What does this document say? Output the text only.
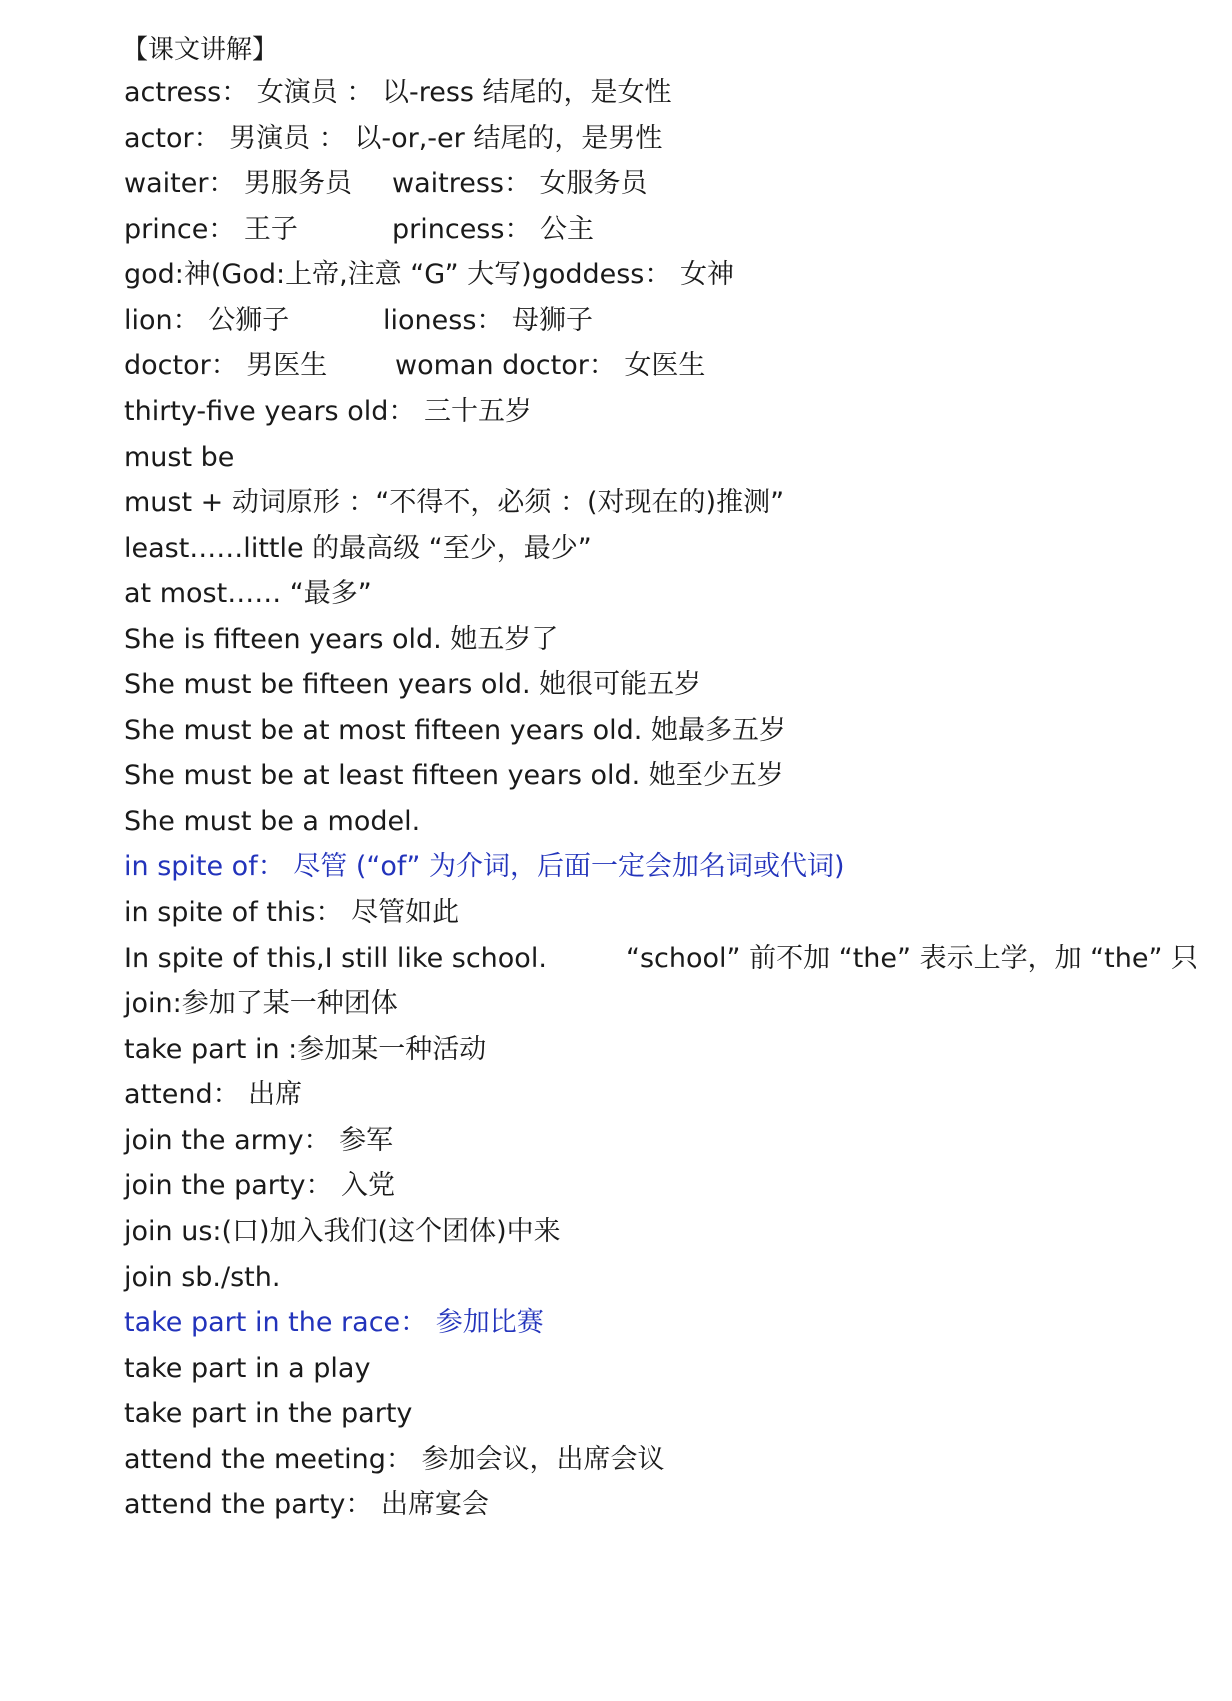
【课文讲解】
actress： 女演员 ： 以-ress 结尾的，是女性
actor： 男演员 ： 以-or,-er 结尾的，是男性
waiter： 男服务员 waitress： 女服务员
prince： 王子	princess： 公主
god:神(God:上帝,注意 “G” 大写)goddess： 女神
lion： 公狮子	lioness： 母狮子
doctor： 男医生	woman doctor： 女医生
thirty-five years old： 三十五岁
must be
must + 动词原形 ：“不得不，必须 ：(对现在的)推测”
least……little 的最高级 “至少，最少”
at most…… “最多”
She is fifteen years old. 她五岁了
She must be fifteen years old. 她很可能五岁
She must be at most fifteen years old. 她最多五岁
She must be at least fifteen years old. 她至少五岁
She must be a model.
in spite of： 尽管 (“of” 为介词，后面一定会加名词或代词)
in spite of this： 尽管如此
In spite of this,I still like school.	“school” 前不加 “the” 表示上学，加 “the” 只
join:参加了某一种团体
take part in :参加某一种活动
attend： 出席
join the army： 参军
join the party： 入党
join us:(口)加入我们(这个团体)中来
join sb./sth.
take part in the race： 参加比赛
take part in a play
take part in the party
attend the meeting： 参加会议，出席会议
attend the party： 出席宴会
